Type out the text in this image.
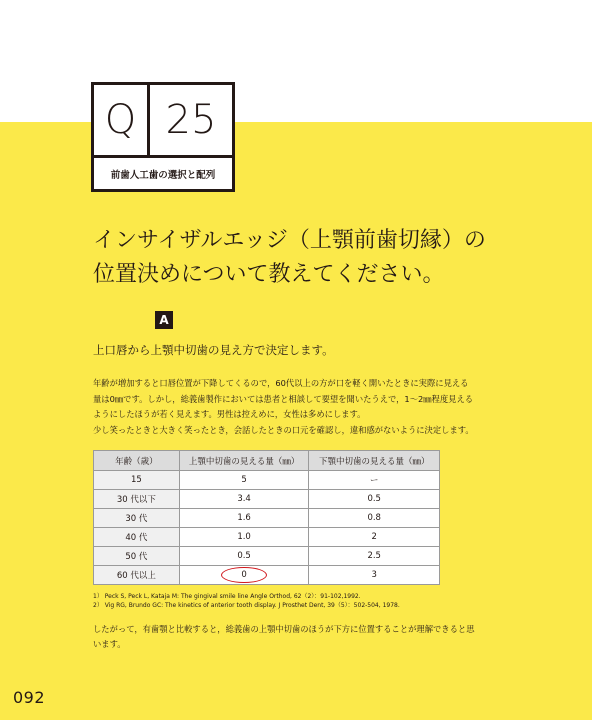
Q 25
前歯人工歯の選択と配列
インサイザルエッジ（上顎前歯切縁）の
位置決めについて教えてください。
A
上口唇から上顎中切歯の見え方で決定します。
年齢が増加すると口唇位置が下降してくるので，60代以上の方が口を軽く開いたときに実際に見える
量は0㎜です。しかし，総義歯製作においては患者と相談して要望を聞いたうえで，1～2㎜程度見える
ようにしたほうが若く見えます。男性は控えめに，女性は多めにします。
少し笑ったときと大きく笑ったとき，会話したときの口元を確認し，違和感がないように決定します。
年齢（歳）	上顎中切歯の見える量（㎜）	下顎中切歯の見える量（㎜）
15	5	ー
30 代以下	3.4	0.5
30 代	1.6	0.8
40 代	1.0	2
50 代	0.5	2.5
60 代以上	0	3
1） Peck S, Peck L, Kataja M: The gingival smile line Angle Orthod, 62（2）：91-102,1992.
2） Vig RG, Brundo GC: The kinetics of anterior tooth display. J Prosthet Dent, 39（5）：502-504, 1978.
したがって，有歯顎と比較すると，総義歯の上顎中切歯のほうが下方に位置することが理解できると思
います。
092
